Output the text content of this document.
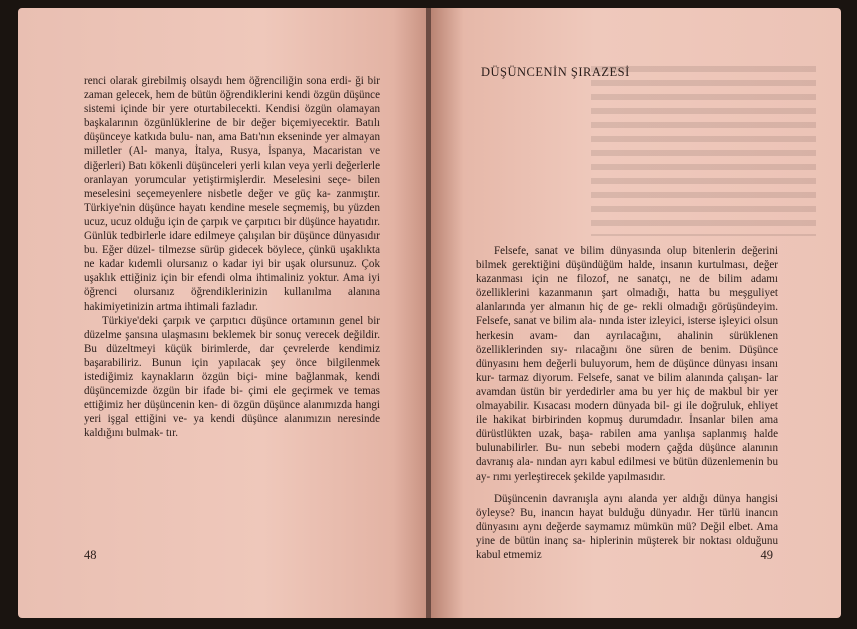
renci olarak girebilmiş olsaydı hem öğrenciliğin sona erdi- ği bir zaman gelecek, hem de bütün öğrendiklerini kendi özgün düşünce sistemi içinde bir yere oturtabilecekti. Kendisi özgün olamayan başkalarının özgünlüklerine de bir değer biçemiyecektir. Batılı düşünceye katkıda bulu- nan, ama Batı'nın ekseninde yer almayan milletler (Al- manya, İtalya, Rusya, İspanya, Macaristan ve diğerleri) Batı kökenli düşünceleri yerli kılan veya yerli değerlerle oranlayan yorumcular yetiştirmişlerdir. Meselesini seçe- bilen meselesini seçemeyenlere nisbetle değer ve güç ka- zanmıştır. Türkiye'nin düşünce hayatı kendine mesele seçmemiş, bu yüzden ucuz, ucuz olduğu için de çarpık ve çarpıtıcı bir düşünce hayatıdır. Günlük tedbirlerle idare edilmeye çalışılan bir düşünce dünyasıdır bu. Eğer düzel- tilmezse sürüp gidecek böylece, çünkü uşaklıkta ne kadar kıdemli olursanız o kadar iyi bir uşak olursunuz. Çok uşaklık ettiğiniz için bir efendi olma ihtimaliniz yoktur. Ama iyi öğrenci olursanız öğrendiklerinizin kullanılma alanına hakimiyetinizin artma ihtimali fazladır.

Türkiye'deki çarpık ve çarpıtıcı düşünce ortamının genel bir düzelme şansına ulaşmasını beklemek bir sonuç verecek değildir. Bu düzeltmeyi küçük birimlerde, dar çevrelerde kendimiz başarabiliriz. Bunun için yapılacak şey önce bilgilenmek istediğimiz kaynakların özgün biçi- mine bağlanmak, kendi düşüncemizde özgün bir ifade bi- çimi ele geçirmek ve temas ettiğimiz her düşüncenin ken- di özgün düşünce alanımızda hangi yeri işgal ettiğini ve- ya kendi düşünce alanımızın neresinde kaldığını bulmak- tır.

48
DÜŞÜNCENİN ŞIRAZESİ

Felsefe, sanat ve bilim dünyasında olup bitenlerin değerini bilmek gerektiğini düşündüğüm halde, insanın kurtulması, değer kazanması için ne filozof, ne sanatçı, ne de bilim adamı özelliklerini kazanmanın şart olmadığı, hatta bu meşguliyet alanlarında yer almanın hiç de ge- rekli olmadığı görüşündeyim. Felsefe, sanat ve bilim ala- nında ister izleyici, isterse işleyici olsun herkesin avam- dan ayrılacağını, ahalinin sürüklenen özelliklerinden sıy- rılacağını öne süren de benim. Düşünce dünyasını hem değerli buluyorum, hem de düşünce dünyası insanı kur- tarmaz diyorum. Felsefe, sanat ve bilim alanında çalışan- lar avamdan üstün bir yerdedirler ama bu yer hiç de makbul bir yer olmayabilir. Kısacası modern dünyada bil- gi ile doğruluk, ehliyet ile hakikat birbirinden kopmuş durumdadır. İnsanlar bilen ama dürüstlükten uzak, başa- rabilen ama yanlışa saplanmış halde bulunabilirler. Bu- nun sebebi modern çağda düşünce alanının davranış ala- nından ayrı kabul edilmesi ve bütün düzenlemenin bu ay- rımı yerleştirecek şekilde yapılmasıdır.

Düşüncenin davranışla aynı alanda yer aldığı dünya hangisi öyleyse? Bu, inancın hayat bulduğu dünyadır. Her türlü inancın dünyasını aynı değerde saymamız mümkün mü? Değil elbet. Ama yine de bütün inanç sa- hiplerinin müşterek bir noktası olduğunu kabul etmemiz	49
